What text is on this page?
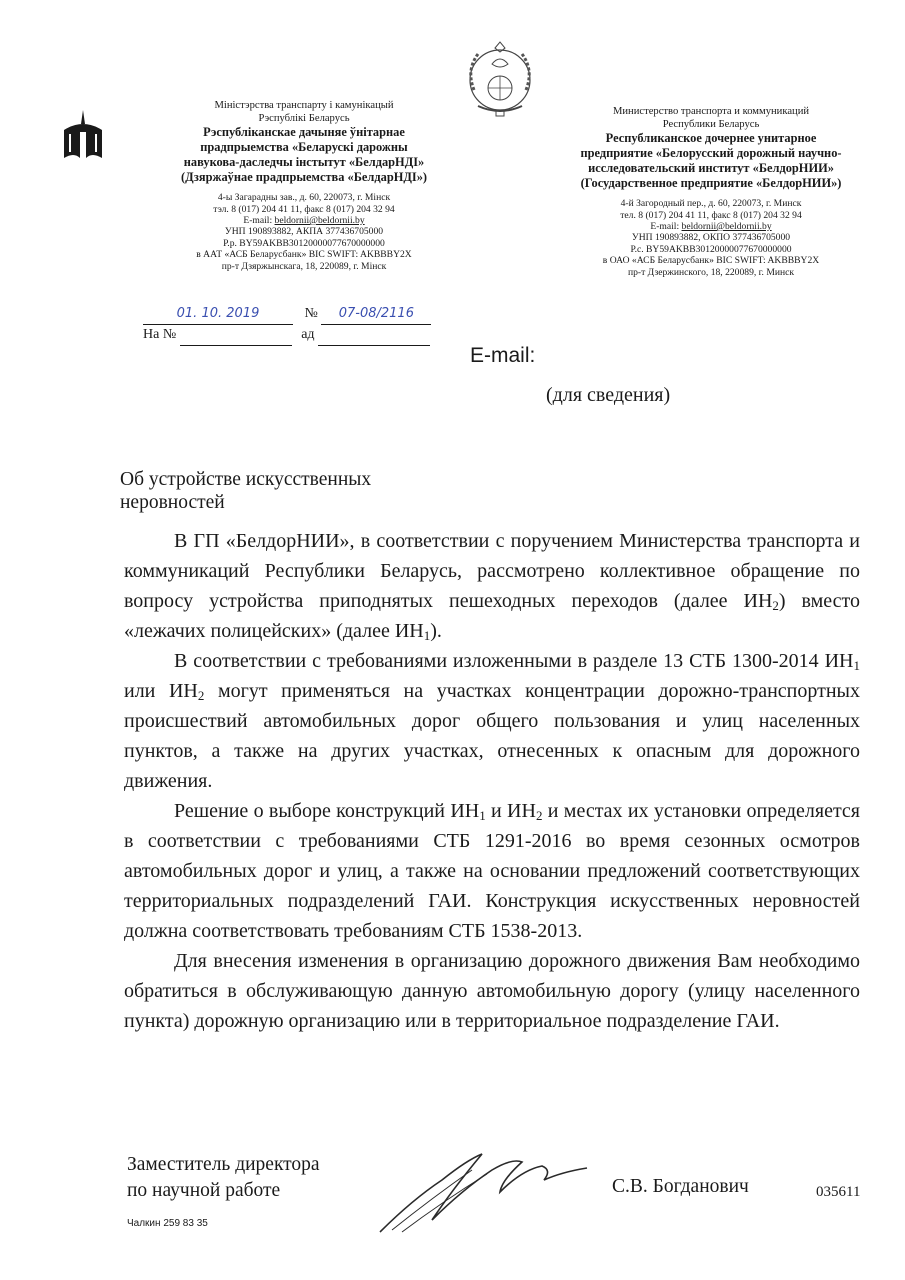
Міністэрства транспарту і камунікацый
Рэспублікі Беларусь
Рэспубліканскае дачыняе ўнітарнае
прадпрыемства «Беларускі дарожны
навукова-даследчы інстытут «БелдарНДІ»
(Дзяржаўнае прадпрыемства «БелдарНДІ»)
4-ы Загарадны зав., д. 60, 220073, г. Мінск
тэл. 8 (017) 204 41 11, факс 8 (017) 204 32 94
E-mail: beldornii@beldornii.by
УНП 190893882, АКПА 377436705000
Р.р. BY59AKBB30120000077670000000
в ААТ «АСБ Беларусбанк» BIC SWIFT: AKBBBY2X
пр-т Дзяржынскага, 18, 220089, г. Мінск
Министерство транспорта и коммуникаций
Республики Беларусь
Республиканское дочернее унитарное
предприятие «Белорусский дорожный научно-
исследовательский институт «БелдорНИИ»
(Государственное предприятие «БелдорНИИ»)
4-й Загородный пер., д. 60, 220073, г. Минск
тел. 8 (017) 204 41 11, факс 8 (017) 204 32 94
E-mail: beldornii@beldornii.by
УНП 190893882, ОКПО 377436705000
Р.с. BY59AKBB30120000077670000000
в ОАО «АСБ Беларусбанк» BIC SWIFT: AKBBBY2X
пр-т Дзержинского, 18, 220089, г. Минск
01. 10. 2019	№ 07-08/2116
На №	ад
E-mail:
(для сведения)
Об устройстве искусственных
неровностей

В ГП «БелдорНИИ», в соответствии с поручением Министерства транспорта и коммуникаций Республики Беларусь, рассмотрено коллективное обращение по вопросу устройства приподнятых пешеходных переходов (далее $ИН_2$) вместо «лежачих полицейских» (далее $ИН_1$).

В соответствии с требованиями изложенными в разделе 13 СТБ 1300-2014 $ИН_1$ или $ИН_2$ могут применяться на участках концентрации дорожно-транспортных происшествий автомобильных дорог общего пользования и улиц населенных пунктов, а также на других участках, отнесенных к опасным для дорожного движения.

Решение о выборе конструкций $ИН_1$ и $ИН_2$ и местах их установки определяется в соответствии с требованиями СТБ 1291-2016 во время сезонных осмотров автомобильных дорог и улиц, а также на основании предложений соответствующих территориальных подразделений ГАИ. Конструкция искусственных неровностей должна соответствовать требованиям СТБ 1538-2013.

Для внесения изменения в организацию дорожного движения Вам необходимо обратиться в обслуживающую данную автомобильную дорогу (улицу населенного пункта) дорожную организацию или в территориальное подразделение ГАИ.

Заместитель директора
по научной работе	С.В. Богданович	035611
Чалкин 259 83 35
